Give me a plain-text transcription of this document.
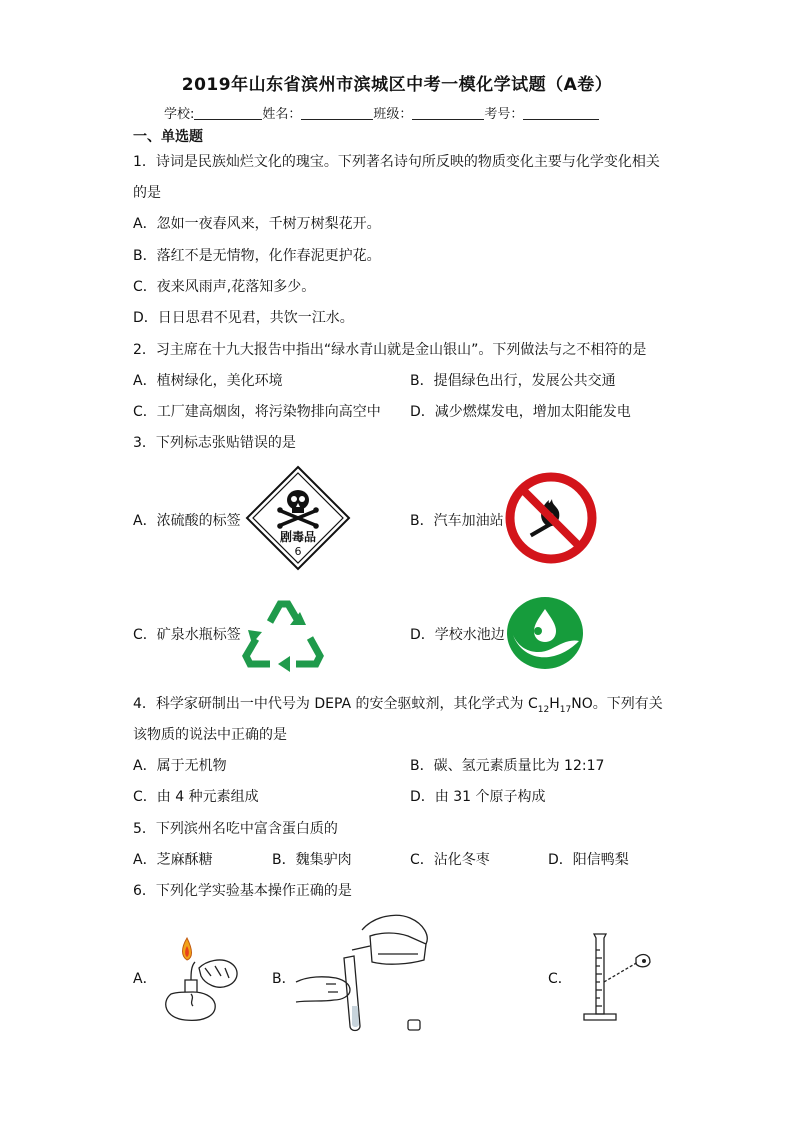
2019年山东省滨州市滨城区中考一模化学试题（A卷）
学校:	姓名：	班级：	考号：
一、单选题
1．诗词是民族灿烂文化的瑰宝。下列著名诗句所反映的物质变化主要与化学变化相关
的是
A．忽如一夜春风来，千树万树梨花开。
B．落红不是无情物，化作春泥更护花。
C．夜来风雨声,花落知多少。
D．日日思君不见君，共饮一江水。
2．习主席在十九大报告中指出“绿水青山就是金山银山”。下列做法与之不相符的是
A．植树绿化，美化环境	B．提倡绿色出行，发展公共交通
C．工厂建高烟囱，将污染物排向高空中 D．减少燃煤发电，增加太阳能发电
3．下列标志张贴错误的是
A．浓硫酸的标签	B．汽车加油站
C．矿泉水瓶标签	D．学校水池边
剧毒品
6
4．科学家研制出一中代号为 DEPA 的安全驱蚊剂，其化学式为 $C_{12}H_{17}NO$。下列有关
该物质的说法中正确的是
A．属于无机物	B．碳、氢元素质量比为 12:17
C．由 4 种元素组成	D．由 31 个原子构成
5．下列滨州名吃中富含蛋白质的
A．芝麻酥糖	B．魏集驴肉	C．沾化冬枣	D．阳信鸭梨
6．下列化学实验基本操作正确的是
A．	B．	C．
